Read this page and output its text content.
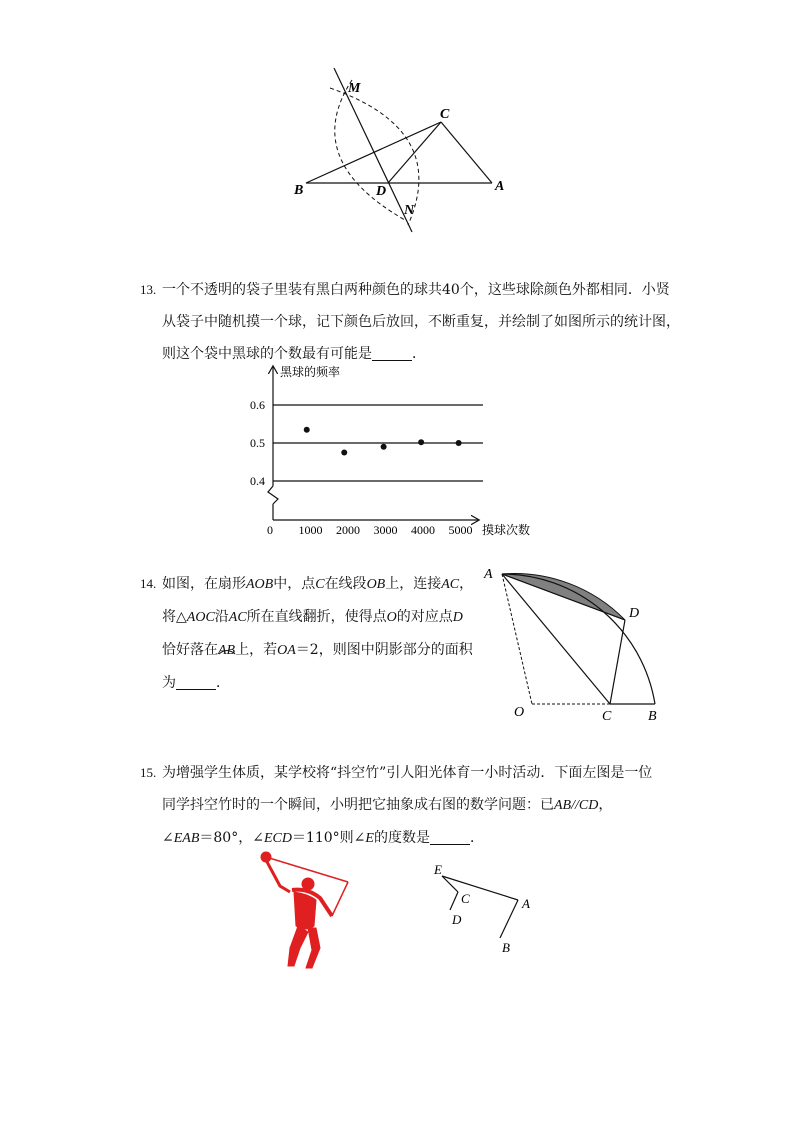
M
C
B	D	A
N
13. 一个不透明的袋子里装有黑白两种颜色的球共40个，这些球除颜色外都相同．小贤
从袋子中随机摸一个球，记下颜色后放回，不断重复，并绘制了如图所示的统计图，
则这个袋中黑球的个数最有可能是	．
黑球的频率
摸球次数
0.4
0.5
0.6
0 1000 2000 3000 4000 5000
14. 如图，在扇形AOB中，点C在线段OB上，连接AC，
将△AOC沿AC所在直线翻折，使得点O的对应点D
恰好落在
AB上，若OA＝2，则图中阴影部分的面积
为	．
A
D
O	C	B
15. 为增强学生体质，某学校将“抖空竹”引人阳光体育一小时活动．下面左图是一位
同学抖空竹时的一个瞬间，小明把它抽象成右图的数学问题：已AB//CD，
∠EAB＝80°，∠ECD＝110°则∠E的度数是	．
E
C	A
D
B
